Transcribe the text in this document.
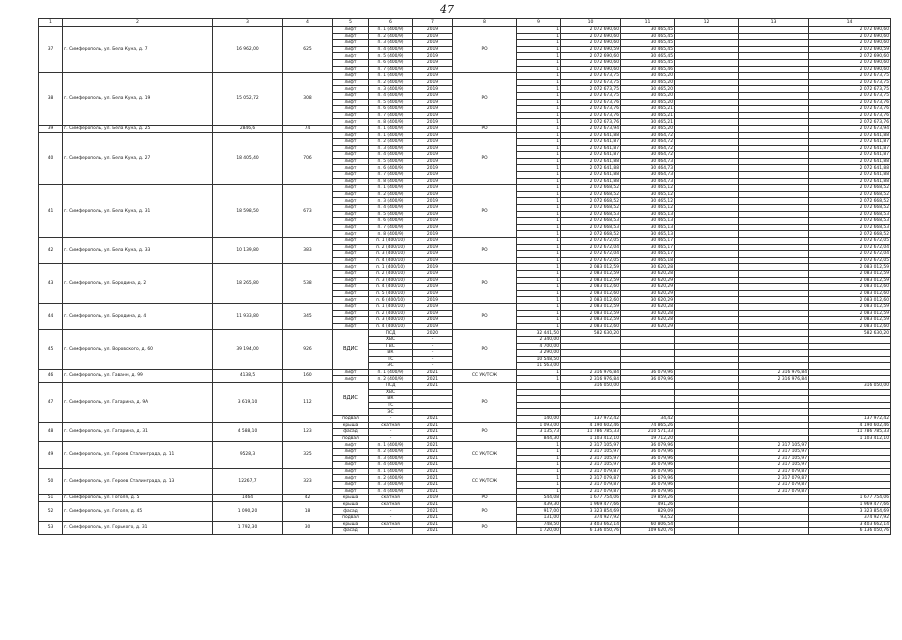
47
1	2	3	4	5	6	7	8	9	10	11	12	13	14
37	г. Симферополь, ул. Бела Куна, д. 7	16 962,00	625	лифт	п. 1 (400/9)	2019	РО	1	2 072 690,60	30 465,45			2 072 690,60
				лифт	п. 2 (400/9)	2019		1	2 072 690,60	30 465,45			2 072 690,60
				лифт	п. 3 (400/9)	2019		1	2 072 690,60	30 465,45			2 072 690,60
				лифт	п. 4 (400/9)	2019		1	2 072 690,59	30 465,45			2 072 690,59
				лифт	п. 5 (400/9)	2019		1	2 072 690,60	30 465,45			2 072 690,60
				лифт	п. 6 (400/9)	2019		1	2 072 690,60	30 465,45			2 072 690,60
				лифт	п. 7 (400/9)	2019		1	2 072 690,60	30 465,46			2 072 690,60
38	г. Симферополь, ул. Бела Куна, д. 19	15 052,72	308	лифт	п. 1 (400/9)	2019	РО	1	2 072 673,75	30 465,20			2 072 673,75
				лифт	п. 2 (400/9)	2019		1	2 072 673,75	30 465,20			2 072 673,75
				лифт	п. 3 (400/9)	2019		1	2 072 673,75	30 465,20			2 072 673,75
				лифт	п. 4 (400/9)	2019		1	2 072 673,75	30 465,20			2 072 673,75
				лифт	п. 5 (400/9)	2019		1	2 072 673,76	30 465,20			2 072 673,76
				лифт	п. 6 (400/9)	2019		1	2 072 673,76	30 465,21			2 072 673,76
				лифт	п. 7 (400/9)	2019		1	2 072 673,76	30 465,21			2 072 673,76
				лифт	п. 8 (400/9)	2019		1	2 072 673,76	30 465,21			2 072 673,76
39	г. Симферополь, ул. Бела Куна, д. 25	2846,6	74	лифт	п. 1 (400/9)	2019	РО	1	2 072 673,94	30 465,20			2 072 673,94
40	г. Симферополь, ул. Бела Куна, д. 27	18 405,40	706	лифт	п. 1 (400/9)	2019	РО	1	2 072 641,88	30 464,72			2 072 641,88
				лифт	п. 2 (400/9)	2019		1	2 072 641,87	30 464,72			2 072 641,87
				лифт	п. 3 (400/9)	2019		1	2 072 641,87	30 464,72			2 072 641,87
				лифт	п. 4 (400/9)	2019		1	2 072 641,87	30 464,72			2 072 641,87
				лифт	п. 5 (400/9)	2019		1	2 072 641,88	30 464,73			2 072 641,88
				лифт	п. 6 (400/9)	2019		1	2 072 641,88	30 464,73			2 072 641,88
				лифт	п. 7 (400/9)	2019		1	2 072 641,88	30 464,73			2 072 641,88
				лифт	п. 8 (400/9)	2019		1	2 072 641,88	30 464,73			2 072 641,88
41	г. Симферополь, ул. Бела Куна, д. 31	18 598,50	673	лифт	п. 1 (400/9)	2019	РО	1	2 072 668,52	30 465,12			2 072 668,52
				лифт	п. 2 (400/9)	2019		1	2 072 668,52	30 465,12			2 072 668,52
				лифт	п. 3 (400/9)	2019		1	2 072 668,52	30 465,12			2 072 668,52
				лифт	п. 4 (400/9)	2019		1	2 072 668,52	30 465,12			2 072 668,52
				лифт	п. 5 (400/9)	2019		1	2 072 668,53	30 465,13			2 072 668,53
				лифт	п. 6 (400/9)	2019		1	2 072 668,53	30 465,13			2 072 668,53
				лифт	п. 7 (400/9)	2019		1	2 072 668,53	30 465,13			2 072 668,53
				лифт	п. 8 (400/9)	2019		1	2 072 668,52	30 465,13			2 072 668,52
42	г. Симферополь, ул. Бела Куна, д. 33	10 139,80	383	лифт	п. 1 (400/10)	2019	РО	1	2 072 672,05	30 465,17			2 072 672,05
				лифт	п. 2 (400/10)	2019		1	2 072 672,04	30 465,17			2 072 672,04
				лифт	п. 3 (400/10)	2019		1	2 072 672,04	30 465,17			2 072 672,04
				лифт	п. 4 (400/10)	2019		1	2 072 672,05	30 465,18			2 072 672,05
43	г. Симферополь, ул. Бородина, д. 2	18 265,80	538	лифт	п. 1 (400/10)	2019	РО	1	2 083 012,59	30 620,28			2 083 012,59
				лифт	п. 2 (400/10)	2019		1	2 083 012,59	30 620,28			2 083 012,59
				лифт	п. 3 (400/10)	2019		1	2 083 012,59	30 620,29			2 083 012,59
				лифт	п. 4 (400/10)	2019		1	2 083 012,60	30 620,29			2 083 012,60
				лифт	п. 5 (400/10)	2019		1	2 083 012,60	30 620,29			2 083 012,60
				лифт	п. 6 (400/10)	2019		1	2 083 012,60	30 620,29			2 083 012,60
44	г. Симферополь, ул. Бородина, д. 4	11 933,80	345	лифт	п. 1 (400/10)	2019	РО	1	2 083 012,59	30 620,28			2 083 012,59
				лифт	п. 2 (400/10)	2019		1	2 083 012,59	30 620,28			2 083 012,59
				лифт	п. 3 (400/10)	2019		1	2 083 012,59	30 620,28			2 083 012,59
				лифт	п. 4 (400/10)	2019		1	2 083 012,60	30 620,29			2 083 012,60
45	г. Симферополь, ул. Воровского, д. 60	39 194,00	926	ВДИС	ПСД	2020	РО	32 441,50	582 630,20				582 630,20
					ХВС	-		2 340,00					
					ГВС	-		4 700,00					
					ВК	-		3 290,00					
					ТС	-		10 548,50					
					ЭС	-		11 563,00					
46	г. Симферополь, ул. Гаванн, д. 99	4138,5	160	лифт	п. 1 (400/9)	2021	СС УК/ТСЖ	1	2 316 976,84	36 079,96		2 316 976,84	
				лифт	п. 2 (400/9)	2021		1	2 316 976,84	36 079,96		2 316 976,84	
47	г. Симферополь, ул. Гагарина, д. 9А	3 619,10	112	ВДИС	ПСД	2021	РО		316 050,00				316 050,00
					ХВС								
					ВК								
					ТС								
					ЭС								
				подвал	-	2021		140,00	137 972,42	34,42			137 972,42
48	г. Симферополь, ул. Гагарина, д. 31	4 588,10	123	крыша	скатная	2021	РО	1 093,00	4 190 602,46	74 865,26			4 190 602,46
				фасад	-	2021		3 135,73	11 786 785,33	210 571,33			11 786 785,33
				подвал	-	2021		844,30	1 103 412,10	19 712,20			1 103 412,10
49	г. Симферополь, ул. Героев Сталинграда, д. 11	9528,3	325	лифт	п. 1 (400/9)	2021	СС УК/ТСЖ	1	2 317 105,97	36 079,96		2 317 105,97	
				лифт	п. 2 (400/9)	2021		1	2 317 105,97	36 079,96		2 317 105,97	
				лифт	п. 3 (400/9)	2021		1	2 317 105,97	36 079,96		2 317 105,97	
				лифт	п. 4 (400/9)	2021		1	2 317 105,97	36 079,96		2 317 105,97	
50	г. Симферополь, ул. Героев Сталинграда, д. 13	12267,7	323	лифт	п. 1 (400/9)	2021	СС УК/ТСЖ	1	2 317 079,87	36 079,96		2 317 079,87	
				лифт	п. 2 (400/9)	2021		1	2 317 079,87	36 079,96		2 317 079,87	
				лифт	п. 3 (400/9)	2021		1	2 317 079,87	36 079,96		2 317 079,87	
				лифт	п. 4 (400/9)	2021		1	2 317 079,87	36 079,96		2 317 079,87	
51	г. Симферополь, ул. Гоголя, д. 5	1464	42	крыша	скатная	2019	РО	544,08	1 677 754,06	19 859,26			1 677 754,06
52	г. Симферополь, ул. Гоголя, д. 45	1 090,20	18	крыша	скатная	2021	РО	439,30	1 969 477,66	491,26			1 969 477,66
				фасад	-	2021		917,00	3 323 854,69	829,09			3 323 854,69
				подвал	-	2021		131,00	374 927,92	93,52			374 927,92
53	г. Симферополь, ул. Горького, д. 31	1 792,30	30	крыша	скатная	2021	РО	748,50	3 403 662,14	60 806,54			3 403 662,14
				фасад	-	2021		1 720,00	6 136 050,76	109 620,76			6 136 050,76
